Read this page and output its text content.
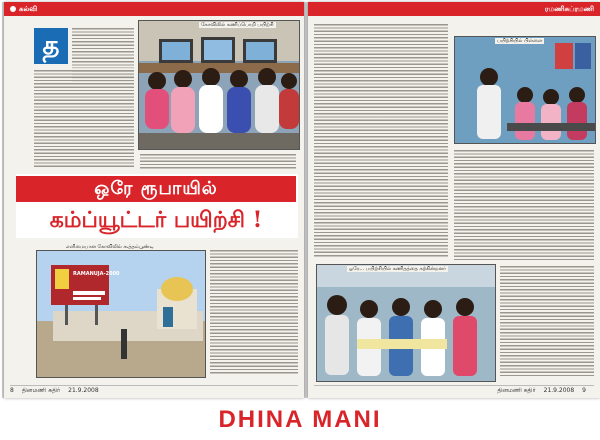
கல்வி
த
கோவிலில் கணிப்பொறி பயிற்சி
ஒரே ரூபாயில்
கம்ப்யூட்டர் பயிற்சி !
RAMANUJA-2000
எளிமையான கோவிலில் கூத்தம்பூண்டி
8 தினமணி கதிர் 21.9.2008
ரமணிசுப்ரமணி
பயிற்சியில் பிள்ளை
ஓரே... பயிற்சியில் கணிதத்தை கற்கின்றனர்
தினமணி கதிர் 21.9.2008 9
DHINA MANI
